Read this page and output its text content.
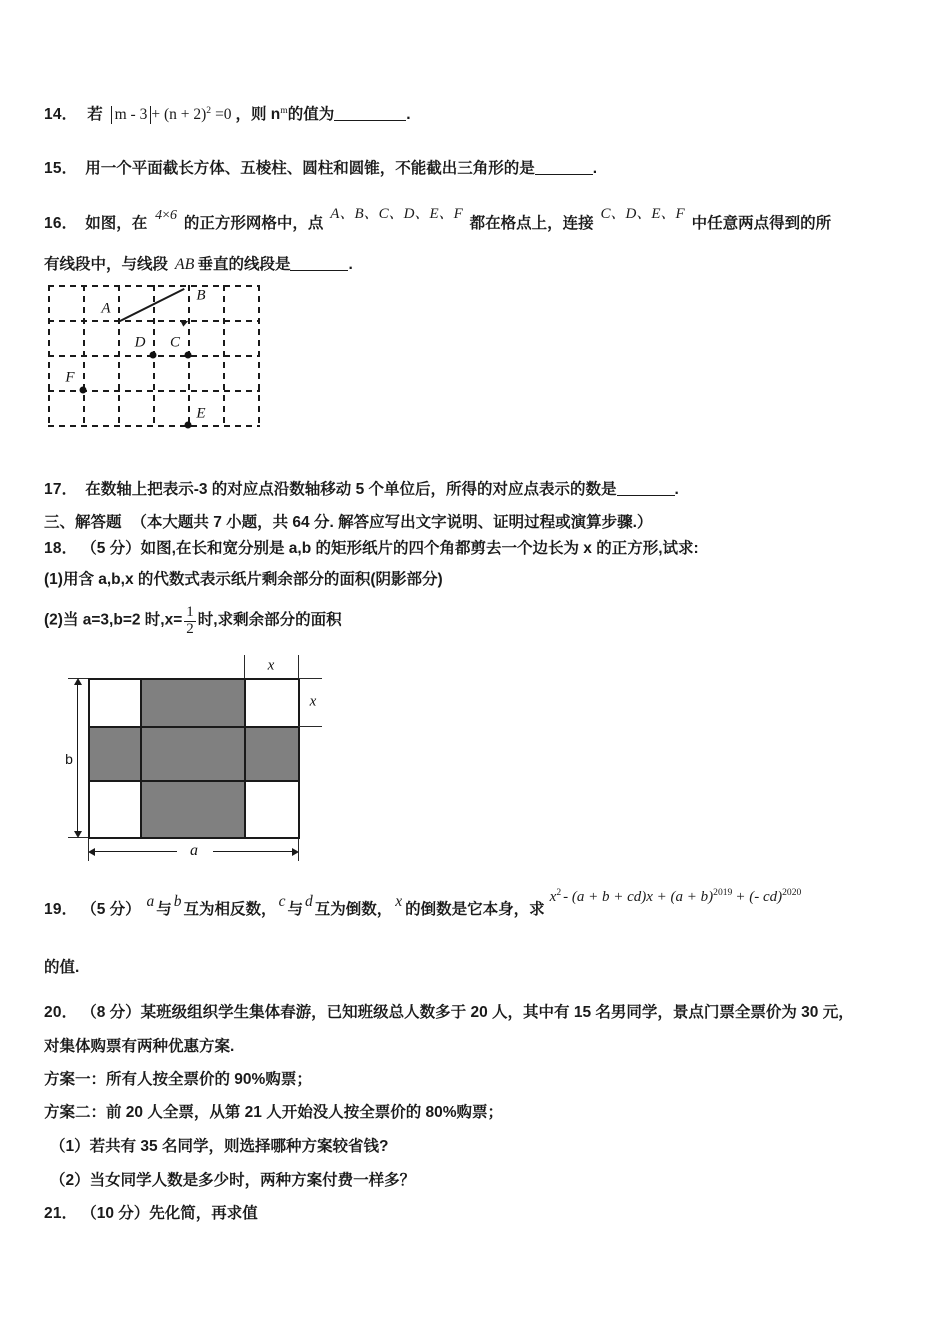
14． 若 $m - 3 + (n + 2)^2 =0$ ，则 $n^m$的值为	.
15． 用一个平面截长方体、五棱柱、圆柱和圆锥，不能截出三角形的是	.
16． 如图，在 4×6 的正方形网格中，点 A、B、C、D、E、F 都在格点上，连接 C、D、E、F 中任意两点得到的所
有线段中，与线段 AB 垂直的线段是	.
A
B
C
D
E
F
17． 在数轴上把表示-3 的对应点沿数轴移动 5 个单位后，所得的对应点表示的数是	.
三、解答题 （本大题共 7 小题，共 64 分. 解答应写出文字说明、证明过程或演算步骤.）
18． （5 分）如图,在长和宽分别是 a,b 的矩形纸片的四个角都剪去一个边长为 x 的正方形,试求:
(1)用含 a,b,x 的代数式表示纸片剩余部分的面积(阴影部分)
(2)当 a=3,b=2 时$,x= \frac{1}{2}$ 时,求剩余部分的面积
x
x
b
a
19． （5 分） a 与 b 互为相反数， c 与 d 互为倒数， x 的倒数是它本身，求$x^2 - (a + b + cd)x + (a + b)^{2019}$ + (- cd)$^{2020}$
的值.
20． （8 分）某班级组织学生集体春游，已知班级总人数多于 20 人，其中有 15 名男同学，景点门票全票价为 30 元，
对集体购票有两种优惠方案.
方案一：所有人按全票价的 90%购票；
方案二：前 20 人全票，从第 21 人开始没人按全票价的 80%购票；
（1）若共有 35 名同学，则选择哪种方案较省钱?
（2）当女同学人数是多少时，两种方案付费一样多？
21． （10 分）先化简，再求值
